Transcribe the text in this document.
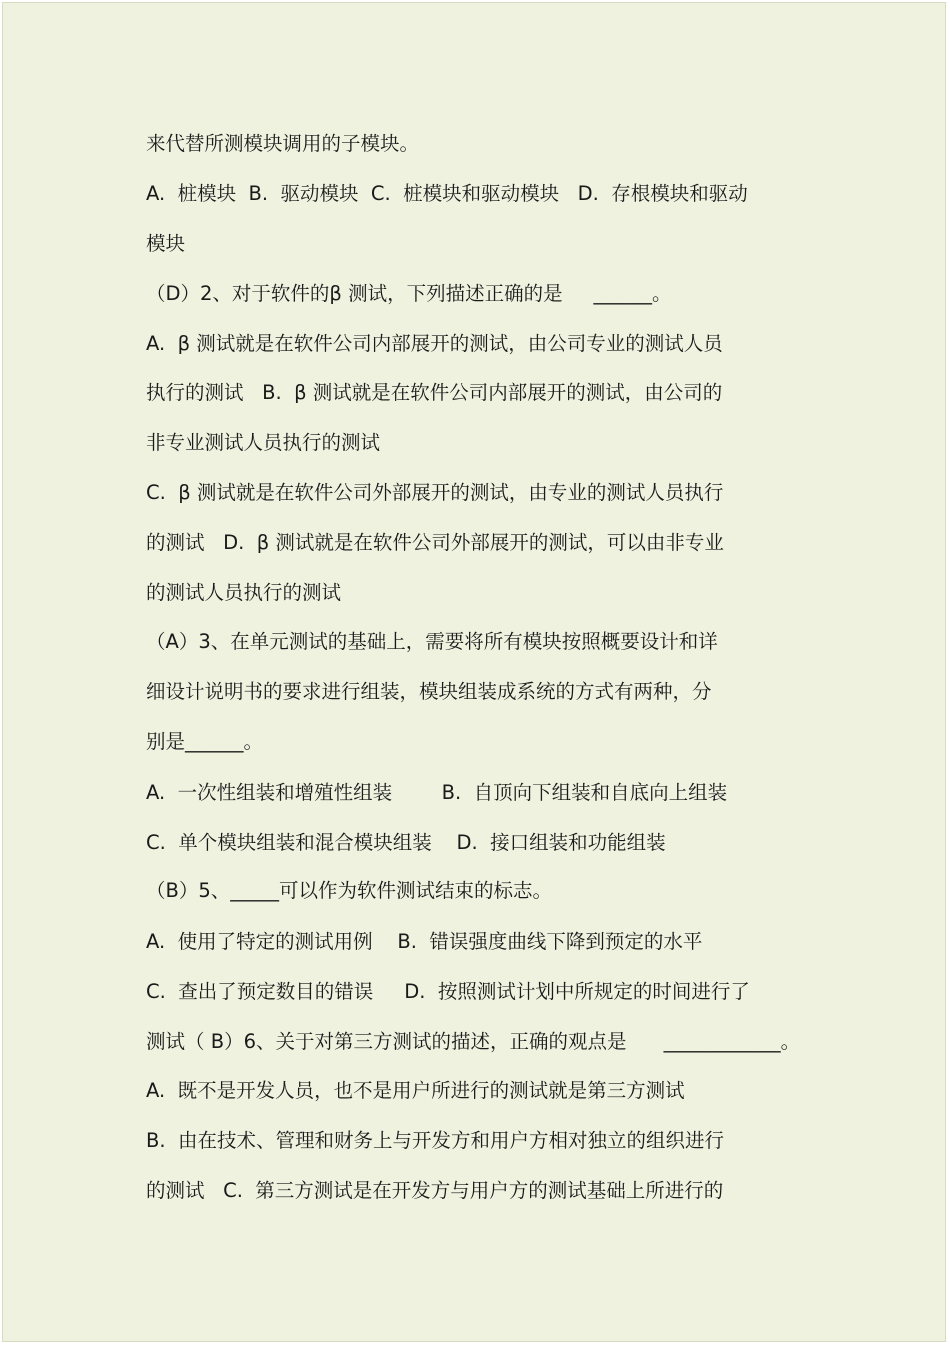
来代替所测模块调用的子模块。
A.  桩模块  B.  驱动模块  C.  桩模块和驱动模块   D.  存根模块和驱动
模块
（D）2、对于软件的β 测试，下列描述正确的是     ______。
A.  β 测试就是在软件公司内部展开的测试，由公司专业的测试人员
执行的测试   B.  β 测试就是在软件公司内部展开的测试，由公司的
非专业测试人员执行的测试
C.  β 测试就是在软件公司外部展开的测试，由专业的测试人员执行
的测试   D.  β 测试就是在软件公司外部展开的测试，可以由非专业
的测试人员执行的测试
（A）3、在单元测试的基础上，需要将所有模块按照概要设计和详
细设计说明书的要求进行组装，模块组装成系统的方式有两种，分
别是______。
A.  一次性组装和增殖性组装        B.  自顶向下组装和自底向上组装
C.  单个模块组装和混合模块组装    D.  接口组装和功能组装
（B）5、_____可以作为软件测试结束的标志。
A.  使用了特定的测试用例    B.  错误强度曲线下降到预定的水平
C.  查出了预定数目的错误     D.  按照测试计划中所规定的时间进行了
测试（ B）6、关于对第三方测试的描述，正确的观点是      ____________。
A.  既不是开发人员，也不是用户所进行的测试就是第三方测试
B.  由在技术、管理和财务上与开发方和用户方相对独立的组织进行
的测试   C.  第三方测试是在开发方与用户方的测试基础上所进行的
